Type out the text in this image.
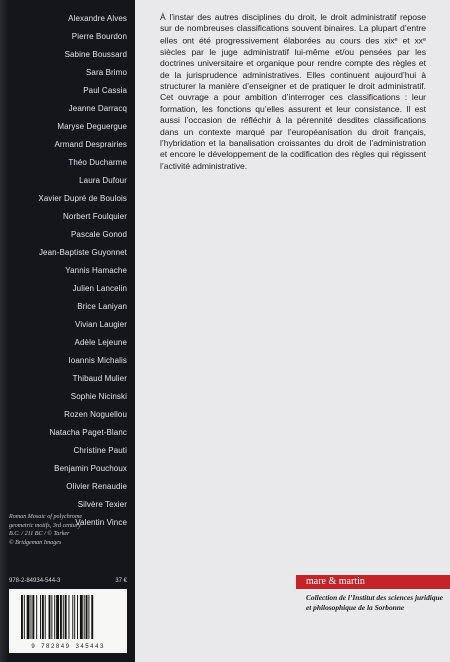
Alexandre Alves
Pierre Bourdon
Sabine Boussard
Sara Brimo
Paul Cassia
Jeanne Darracq
Maryse Deguergue
Armand Desprairies
Théo Ducharme
Laura Dufour
Xavier Dupré de Boulois
Norbert Foulquier
Pascale Gonod
Jean-Baptiste Guyonnet
Yannis Hamache
Julien Lancelin
Brice Laniyan
Vivian Laugier
Adèle Lejeune
Ioannis Michalis
Thibaud Mulier
Sophie Nicinski
Rozen Noguellou
Natacha Paget-Blanc
Christine Pauti
Benjamin Pouchoux
Olivier Renaudie
Silvère Texier
Valentin Vince

Roman Mosaic of polychrome
geometric motifs, 3rd century
B.C. / 211 BC / © Tarker
© Bridgeman Images

978-2-84934-544-3	37 €
9 782849 345443

À l’instar des autres disciplines du droit, le droit administratif repose sur de nombreuses classifications souvent binaires. La plupart d’entre elles ont été progressivement élaborées au cours des xix$^e$ et $xx^e$ siècles par le juge administratif lui-même et/ou pensées par les doctrines universitaire et organique pour rendre compte des règles et de la jurisprudence administratives. Elles continuent aujourd’hui à structurer la manière d’enseigner et de pratiquer le droit administratif. Cet ouvrage a pour ambition d’interroger ces classifications : leur formation, les fonctions qu’elles assurent et leur consistance. Il est aussi l’occasion de réfléchir à la pérennité desdites classifications dans un contexte marqué par l’européanisation du droit français, l’hybridation et la banalisation croissantes du droit de l’administration et encore le développement de la codification des règles qui régissent l’activité administrative.

mare & martin

Collection de l’Institut des sciences juridique
et philosophique de la Sorbonne
